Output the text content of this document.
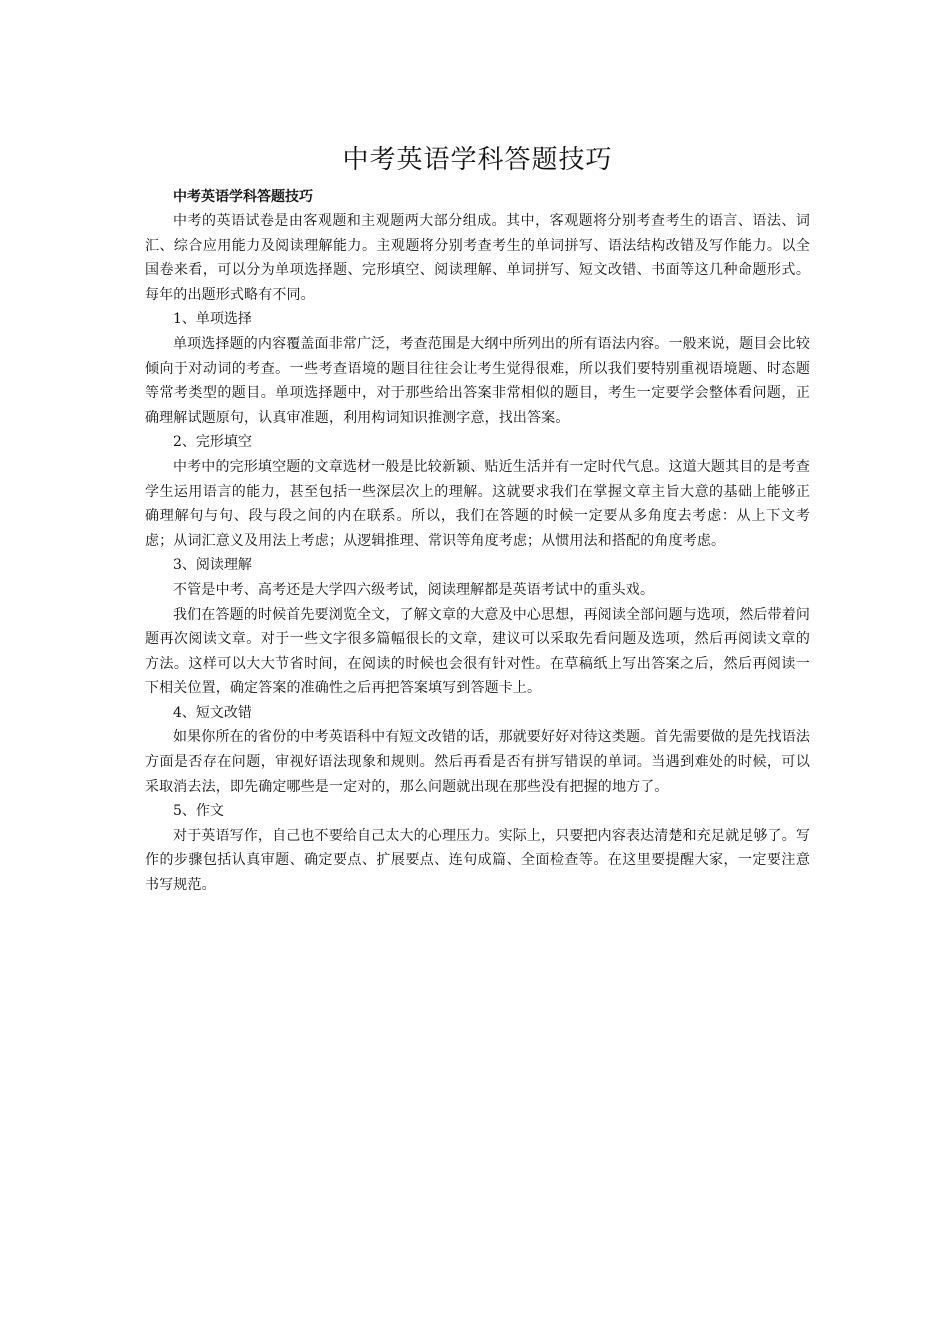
中考英语学科答题技巧
中考英语学科答题技巧

中考的英语试卷是由客观题和主观题两大部分组成。其中，客观题将分别考查考生的语言、语法、词汇、综合应用能力及阅读理解能力。主观题将分别考查考生的单词拼写、语法结构改错及写作能力。以全国卷来看，可以分为单项选择题、完形填空、阅读理解、单词拼写、短文改错、书面等这几种命题形式。每年的出题形式略有不同。

1、单项选择

单项选择题的内容覆盖面非常广泛，考查范围是大纲中所列出的所有语法内容。一般来说，题目会比较倾向于对动词的考查。一些考查语境的题目往往会让考生觉得很难，所以我们要特别重视语境题、时态题等常考类型的题目。单项选择题中，对于那些给出答案非常相似的题目，考生一定要学会整体看问题，正确理解试题原句，认真审准题，利用构词知识推测字意，找出答案。

2、完形填空

中考中的完形填空题的文章选材一般是比较新颖、贴近生活并有一定时代气息。这道大题其目的是考查学生运用语言的能力，甚至包括一些深层次上的理解。这就要求我们在掌握文章主旨大意的基础上能够正确理解句与句、段与段之间的内在联系。所以，我们在答题的时候一定要从多角度去考虑：从上下文考虑；从词汇意义及用法上考虑；从逻辑推理、常识等角度考虑；从惯用法和搭配的角度考虑。

3、阅读理解

不管是中考、高考还是大学四六级考试，阅读理解都是英语考试中的重头戏。

我们在答题的时候首先要浏览全文，了解文章的大意及中心思想，再阅读全部问题与选项，然后带着问题再次阅读文章。对于一些文字很多篇幅很长的文章，建议可以采取先看问题及选项，然后再阅读文章的方法。这样可以大大节省时间，在阅读的时候也会很有针对性。在草稿纸上写出答案之后，然后再阅读一下相关位置，确定答案的准确性之后再把答案填写到答题卡上。

4、短文改错

如果你所在的省份的中考英语科中有短文改错的话，那就要好好对待这类题。首先需要做的是先找语法方面是否存在问题，审视好语法现象和规则。然后再看是否有拼写错误的单词。当遇到难处的时候，可以采取消去法，即先确定哪些是一定对的，那么问题就出现在那些没有把握的地方了。

5、作文

对于英语写作，自己也不要给自己太大的心理压力。实际上，只要把内容表达清楚和充足就足够了。写作的步骤包括认真审题、确定要点、扩展要点、连句成篇、全面检查等。在这里要提醒大家，一定要注意书写规范。
